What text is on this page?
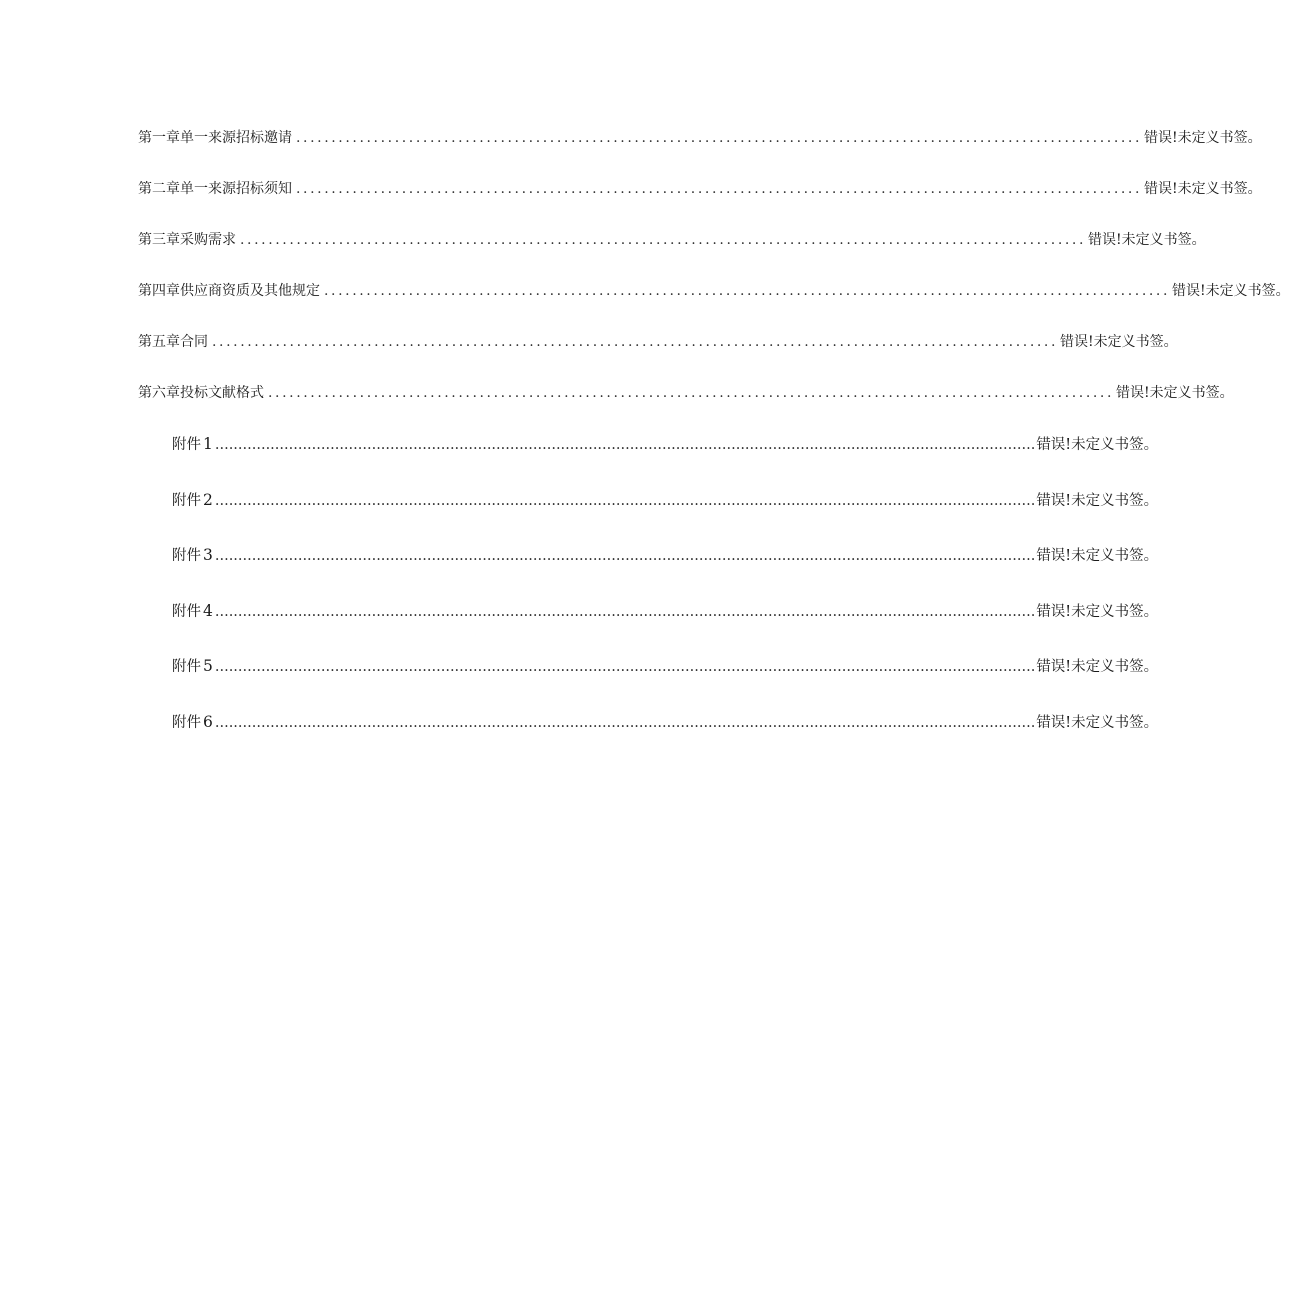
第一章单一来源招标邀请 ........................................................................................................................ 错误!未定义书签。
第二章单一来源招标须知 ........................................................................................................................ 错误!未定义书签。
第三章采购需求 ........................................................................................................................ 错误!未定义书签。
第四章供应商资质及其他规定 ........................................................................................................................ 错误!未定义书签。
第五章合同 ........................................................................................................................ 错误!未定义书签。
第六章投标文献格式 ........................................................................................................................ 错误!未定义书签。
附件 1 .................................................................................................................................................................................. 错误!未定义书签。
附件 2 .................................................................................................................................................................................. 错误!未定义书签。
附件 3 .................................................................................................................................................................................. 错误!未定义书签。
附件 4 .................................................................................................................................................................................. 错误!未定义书签。
附件 5 .................................................................................................................................................................................. 错误!未定义书签。
附件 6 .................................................................................................................................................................................. 错误!未定义书签。
